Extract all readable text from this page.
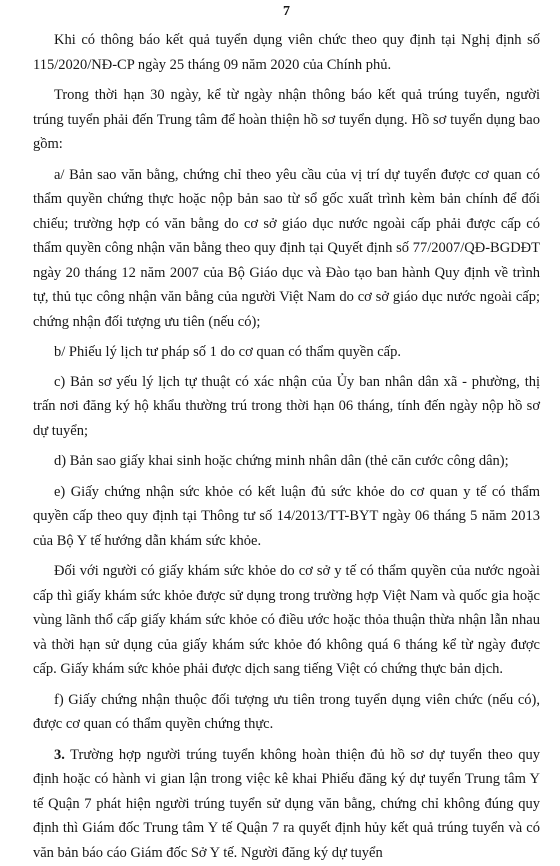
7

Khi có thông báo kết quả tuyển dụng viên chức theo quy định tại Nghị định số 115/2020/NĐ-CP ngày 25 tháng 09 năm 2020 của Chính phủ.

Trong thời hạn 30 ngày, kể từ ngày nhận thông báo kết quả trúng tuyển, người trúng tuyển phải đến Trung tâm để hoàn thiện hồ sơ tuyển dụng. Hồ sơ tuyển dụng bao gồm:

a/ Bản sao văn bằng, chứng chỉ theo yêu cầu của vị trí dự tuyển được cơ quan có thẩm quyền chứng thực hoặc nộp bản sao từ sổ gốc xuất trình kèm bản chính để đối chiếu; trường hợp có văn bằng do cơ sở giáo dục nước ngoài cấp phải được cấp có thẩm quyền công nhận văn bằng theo quy định tại Quyết định số 77/2007/QĐ-BGDĐT ngày 20 tháng 12 năm 2007 của Bộ Giáo dục và Đào tạo ban hành Quy định về trình tự, thủ tục công nhận văn bằng của người Việt Nam do cơ sở giáo dục nước ngoài cấp; chứng nhận đối tượng ưu tiên (nếu có);

b/ Phiếu lý lịch tư pháp số 1 do cơ quan có thẩm quyền cấp.

c) Bản sơ yếu lý lịch tự thuật có xác nhận của Ủy ban nhân dân xã - phường, thị trấn nơi đăng ký hộ khẩu thường trú trong thời hạn 06 tháng, tính đến ngày nộp hồ sơ dự tuyển;

d) Bản sao giấy khai sinh hoặc chứng minh nhân dân (thẻ căn cước công dân);

e) Giấy chứng nhận sức khỏe có kết luận đủ sức khỏe do cơ quan y tế có thẩm quyền cấp theo quy định tại Thông tư số 14/2013/TT-BYT ngày 06 tháng 5 năm 2013 của Bộ Y tế hướng dẫn khám sức khỏe.

Đối với người có giấy khám sức khỏe do cơ sở y tế có thẩm quyền của nước ngoài cấp thì giấy khám sức khỏe được sử dụng trong trường hợp Việt Nam và quốc gia hoặc vùng lãnh thổ cấp giấy khám sức khỏe có điều ước hoặc thỏa thuận thừa nhận lẫn nhau và thời hạn sử dụng của giấy khám sức khỏe đó không quá 6 tháng kể từ ngày được cấp. Giấy khám sức khỏe phải được dịch sang tiếng Việt có chứng thực bản dịch.

f) Giấy chứng nhận thuộc đối tượng ưu tiên trong tuyển dụng viên chức (nếu có), được cơ quan có thẩm quyền chứng thực.

3. Trường hợp người trúng tuyển không hoàn thiện đủ hồ sơ dự tuyển theo quy định hoặc có hành vi gian lận trong việc kê khai Phiếu đăng ký dự tuyển Trung tâm Y tế Quận 7 phát hiện người trúng tuyển sử dụng văn bằng, chứng chỉ không đúng quy định thì Giám đốc Trung tâm Y tế Quận 7 ra quyết định hủy kết quả trúng tuyển và có văn bản báo cáo Giám đốc Sở Y tế. Người đăng ký dự tuyển
